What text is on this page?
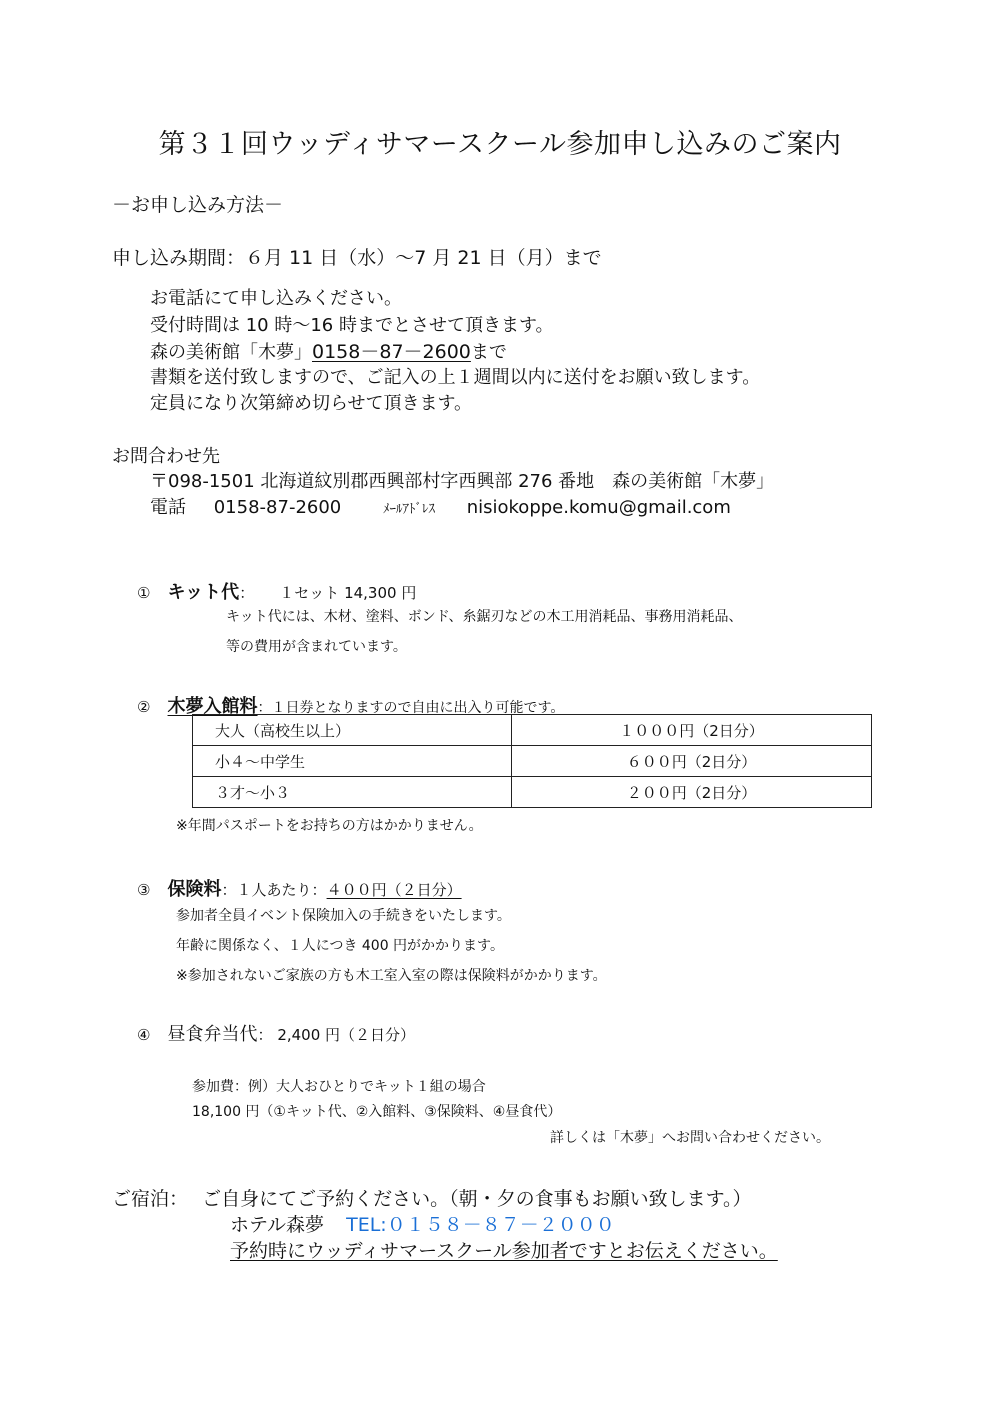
第３１回ウッディサマースクール参加申し込みのご案内
－お申し込み方法－
申し込み期間：６月 11 日（水）～7 月 21 日（月）まで
お電話にて申し込みください。
受付時間は 10 時～16 時までとさせて頂きます。
森の美術館「木夢」0158－87－2600まで
書類を送付致しますので、ご記入の上１週間以内に送付をお願い致します。
定員になり次第締め切らせて頂きます。
お問合わせ先
〒098-1501 北海道紋別郡西興部村字西興部 276 番地　森の美術館「木夢」
電話 0158-87-2600	ﾒｰﾙｱﾄﾞﾚｽ nisiokoppe.komu@gmail.com
① キット代： １セット 14,300 円
キット代には、木材、塗料、ボンド、糸鋸刃などの木工用消耗品、事務用消耗品、
等の費用が含まれています。
② 木夢入館料：１日券となりますので自由に出入り可能です。
大人（高校生以上）	１０００円（2日分）
小４～中学生	６００円（2日分）
３才～小３	２００円（2日分）
※年間パスポートをお持ちの方はかかりません。
③ 保険料：１人あたり：４００円（２日分）
参加者全員イベント保険加入の手続きをいたします。
年齢に関係なく、１人につき 400 円がかかります。
※参加されないご家族の方も木工室入室の際は保険料がかかります。
④ 昼食弁当代： 2,400 円（２日分）
参加費：例）大人おひとりでキット１組の場合
18,100 円（①キット代、②入館料、③保険料、④昼食代）
詳しくは「木夢」へお問い合わせください。
ご宿泊： ご自身にてご予約ください。（朝・夕の食事もお願い致します。）
ホテル森夢 TEL:０１５８－８７－２０００
予約時にウッディサマースクール参加者ですとお伝えください。
